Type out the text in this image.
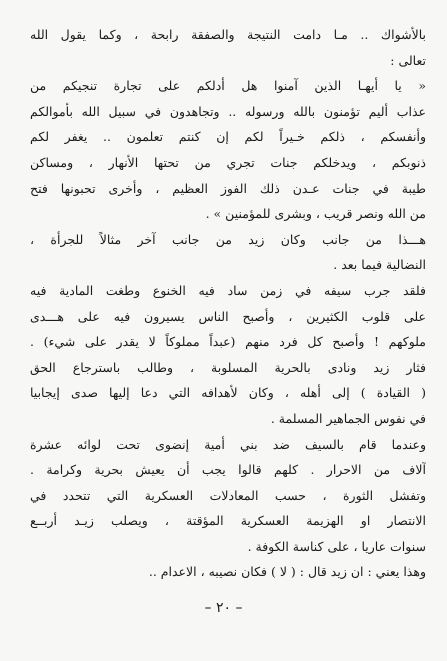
بالأشواك .. مـا دامت النتيجة والصفقة رابحة ، وكما يقول الله
تعالى :
« يا أيهـا الذين آمنوا هل أدلكم على تجارة تنجيكم من
عذاب أليم تؤمنون بالله ورسوله .. وتجاهدون في سبيل الله بأموالكم
وأنفسكم ، ذلكم خـيراً لكم إن كنتم تعلمون .. يغفر لكم
ذنوبكم ، ويدخلكم جنات تجري من تحتها الأنهار ، ومساكن
طيبة في جنات عـدن ذلك الفوز العظيم ، وأخرى تحبونها فتح
من الله ونصر قريب ، وبشرى للمؤمنين » .
هـــذا من جانب وكان زيد من جانب آخر مثالاً للجرأة ،
النضالية فيما بعد .
فلقد جرب سيفه في زمن ساد فيه الخنوع وطغت المادية فيه
على قلوب الكثيرين ، وأصبح الناس يسيرون فيه على هـــدى
ملوكهم ! وأصبح كل فرد منهم (عبداً مملوكاً لا يقدر على شيء) .
فثار زيد ونادى بالحرية المسلوبة ، وطالب باسترجاع الحق
( القيادة ) إلى أهله ، وكان لأهدافه التي دعا إليها صدى إيجابيا
في نفوس الجماهير المسلمة .
وعندما قام بالسيف ضد بني أمية إنضوى تحت لوائه عشرة
آلاف من الاحرار . كلهم قالوا يجب أن يعيش بحرية وكرامة .
وتفشل الثورة ، حسب المعادلات العسكرية التي تتحدد في
الانتصار او الهزيمة العسكرية المؤقتة ، ويصلب زيـد أربــع
سنوات عاريا ، على كناسة الكوفة .
وهذا يعني : ان زيد قال : ( لا ) فكان نصيبه ، الاعدام ..
– ٢٠ –
